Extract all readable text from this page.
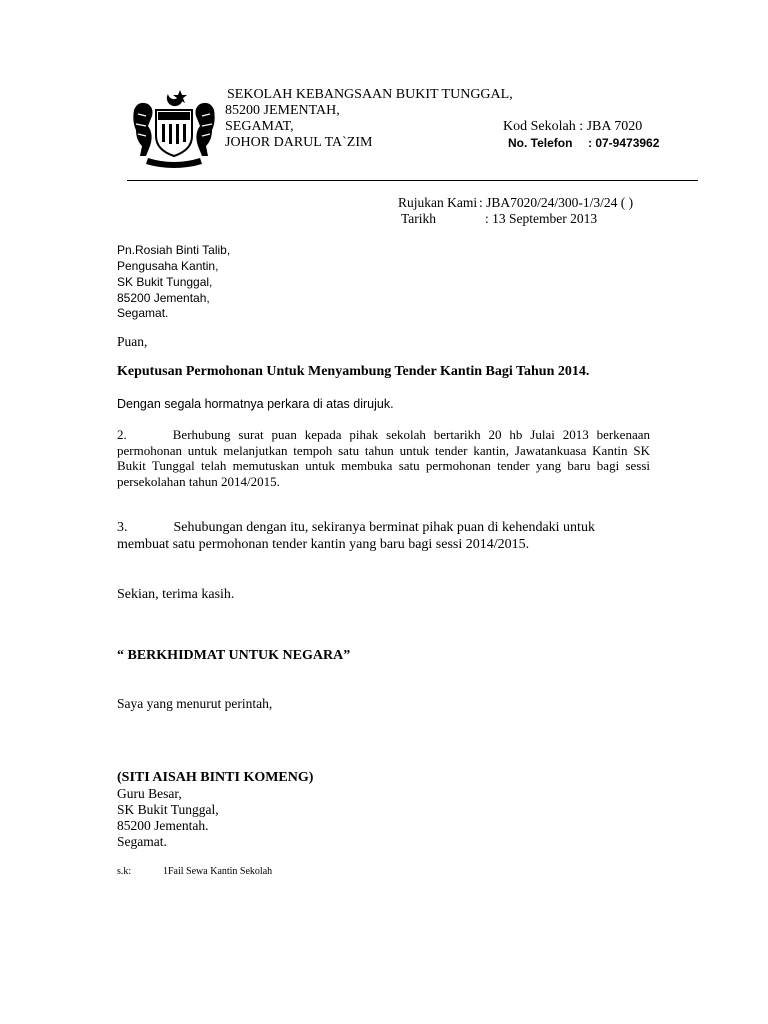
SEKOLAH KEBANGSAAN BUKIT TUNGGAL,
85200 JEMENTAH,
SEGAMAT,
JOHOR DARUL TA`ZIM
Kod Sekolah : JBA 7020
No. Telefon : 07-9473962
Rujukan Kami : JBA7020/24/300-1/3/24 ( )
Tarikh	: 13 September 2013
Pn.Rosiah Binti Talib,
Pengusaha Kantin,
SK Bukit Tunggal,
85200 Jementah,
Segamat.
Puan,
Keputusan Permohonan Untuk Menyambung Tender Kantin Bagi Tahun 2014.
Dengan segala hormatnya perkara di atas dirujuk.
2.	Berhubung surat puan kepada pihak sekolah bertarikh 20 hb Julai 2013 berkenaan permohonan untuk melanjutkan tempoh satu tahun untuk tender kantin, Jawatankuasa Kantin SK Bukit Tunggal telah memutuskan untuk membuka satu permohonan tender yang baru bagi sessi persekolahan tahun 2014/2015.
3.	Sehubungan dengan itu, sekiranya berminat pihak puan di kehendaki untuk membuat satu permohonan tender kantin yang baru bagi sessi 2014/2015.
Sekian, terima kasih.
“ BERKHIDMAT UNTUK NEGARA”
Saya yang menurut perintah,
(SITI AISAH BINTI KOMENG)
Guru Besar,
SK Bukit Tunggal,
85200 Jementah.
Segamat.
s.k:	1Fail Sewa Kantin Sekolah
